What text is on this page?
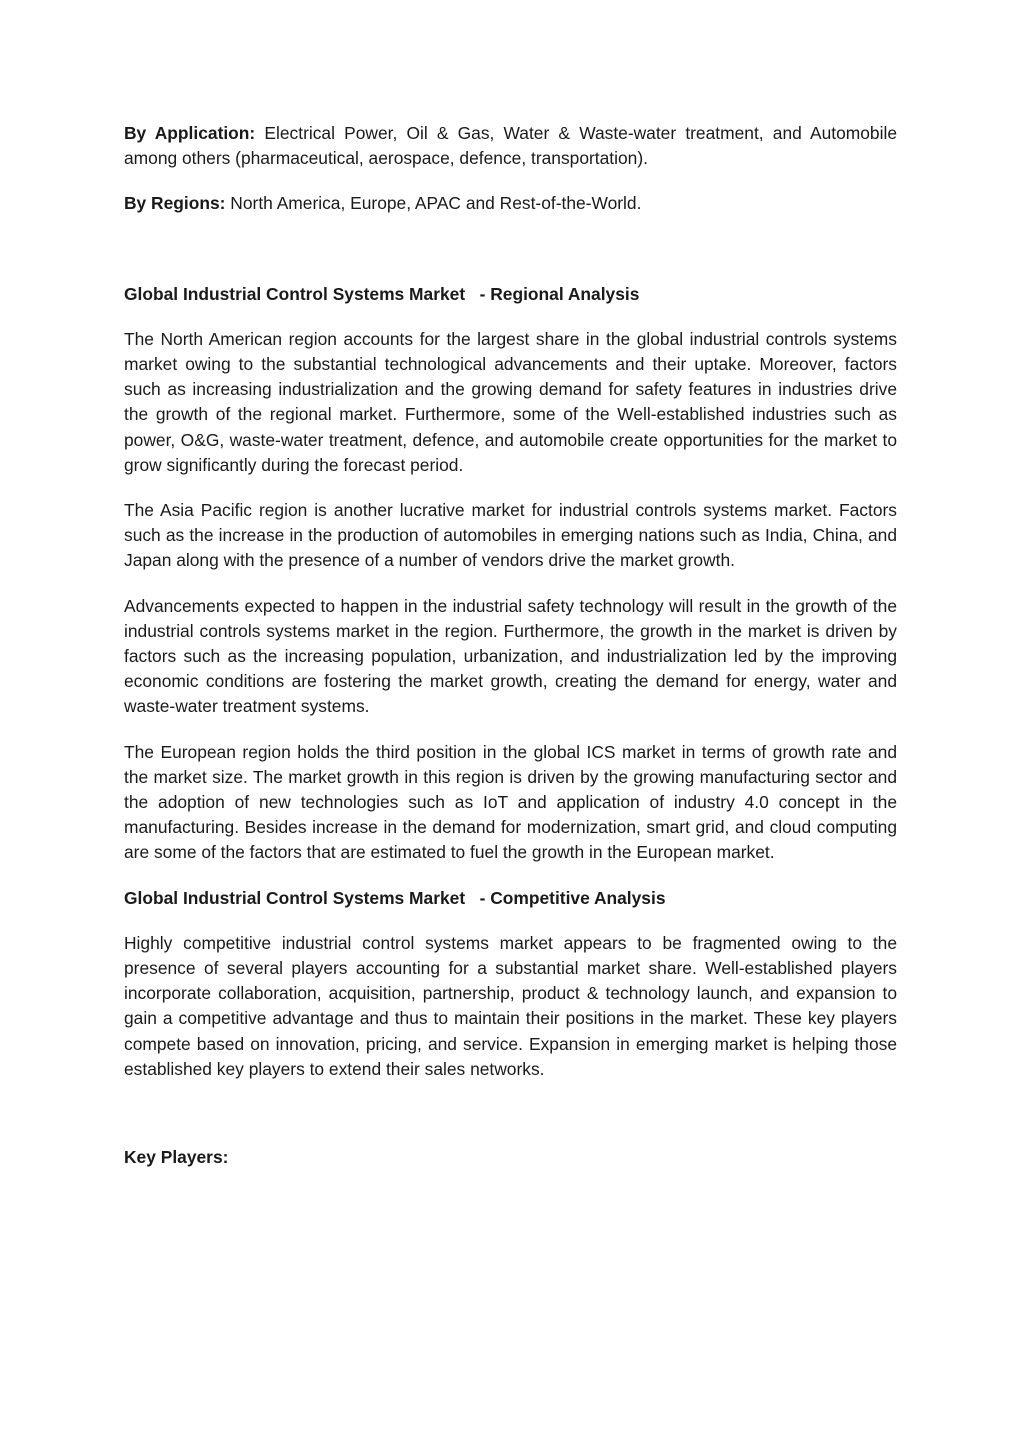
By Application: Electrical Power, Oil & Gas, Water & Waste-water treatment, and Automobile among others (pharmaceutical, aerospace, defence, transportation).

By Regions: North America, Europe, APAC and Rest-of-the-World.

Global Industrial Control Systems Market   - Regional Analysis

The North American region accounts for the largest share in the global industrial controls systems market owing to the substantial technological advancements and their uptake. Moreover, factors such as increasing industrialization and the growing demand for safety features in industries drive the growth of the regional market. Furthermore, some of the Well-established industries such as power, O&G, waste-water treatment, defence, and automobile create opportunities for the market to grow significantly during the forecast period.

The Asia Pacific region is another lucrative market for industrial controls systems market. Factors such as the increase in the production of automobiles in emerging nations such as India, China, and Japan along with the presence of a number of vendors drive the market growth.

Advancements expected to happen in the industrial safety technology will result in the growth of the industrial controls systems market in the region. Furthermore, the growth in the market is driven by factors such as the increasing population, urbanization, and industrialization led by the improving economic conditions are fostering the market growth, creating the demand for energy, water and waste-water treatment systems.

The European region holds the third position in the global ICS market in terms of growth rate and the market size. The market growth in this region is driven by the growing manufacturing sector and the adoption of new technologies such as IoT and application of industry 4.0 concept in the manufacturing. Besides increase in the demand for modernization, smart grid, and cloud computing are some of the factors that are estimated to fuel the growth in the European market.

Global Industrial Control Systems Market   - Competitive Analysis

Highly competitive industrial control systems market appears to be fragmented owing to the presence of several players accounting for a substantial market share. Well-established players incorporate collaboration, acquisition, partnership, product & technology launch, and expansion to gain a competitive advantage and thus to maintain their positions in the market. These key players compete based on innovation, pricing, and service. Expansion in emerging market is helping those established key players to extend their sales networks.

Key Players:
